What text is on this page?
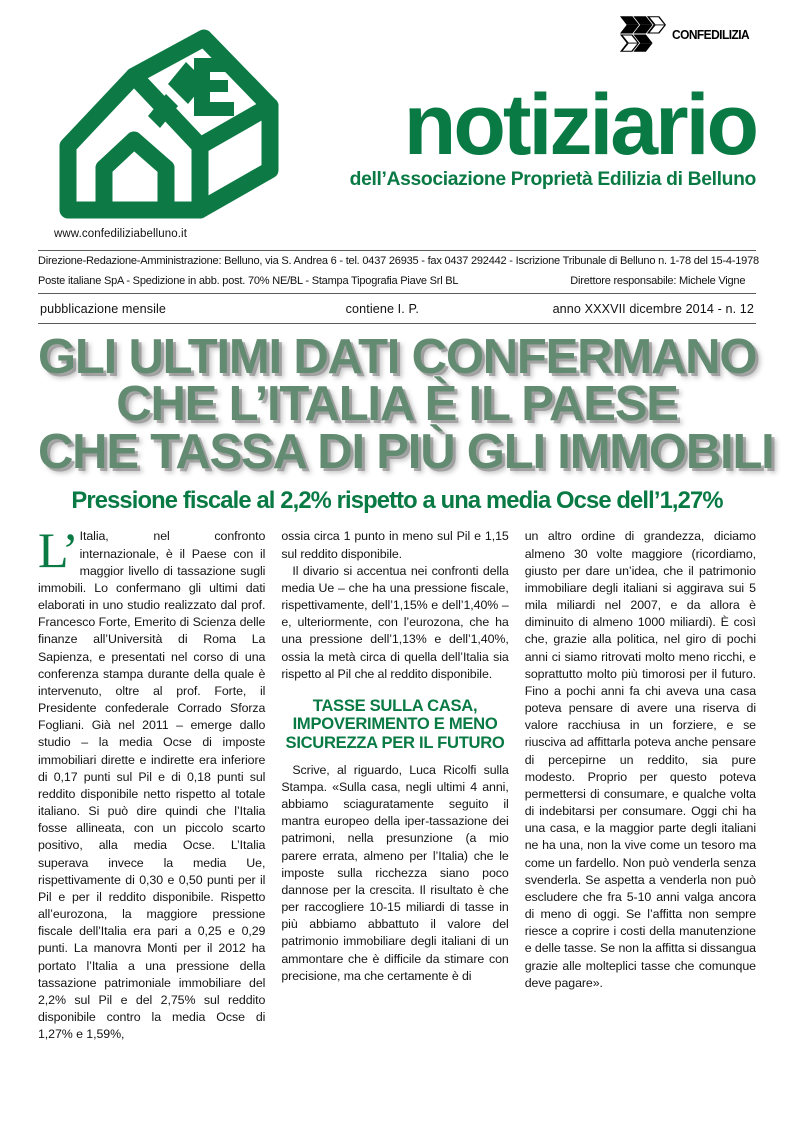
CONFEDILIZIA
www.confediliziabelluno.it
notiziario
dell’Associazione Proprietà Edilizia di Belluno
Direzione-Redazione-Amministrazione: Belluno, via S. Andrea 6 - tel. 0437 26935 - fax 0437 292442 - Iscrizione Tribunale di Belluno n. 1-78 del 15-4-1978
Poste italiane SpA - Spedizione in abb. post. 70% NE/BL - Stampa Tipografia Piave Srl BL	Direttore responsabile: Michele Vigne
pubblicazione mensile	contiene I. P.	anno XXXVII dicembre 2014 - n. 12
GLI ULTIMI DATI CONFERMANO
CHE L’ITALIA È IL PAESE
CHE TASSA DI PIÙ GLI IMMOBILI
Pressione fiscale al 2,2% rispetto a una media Ocse dell’1,27%

L’ Italia, nel confronto internazionale, è il Paese con il maggior livello di tassazione sugli immobili. Lo confermano gli ultimi dati elaborati in uno studio realizzato dal prof. Francesco Forte, Emerito di Scienza delle finanze all’Università di Roma La Sapienza, e presentati nel corso di una conferenza stampa durante della quale è intervenuto, oltre al prof. Forte, il Presidente confederale Corrado Sforza Fogliani. Già nel 2011 – emerge dallo studio – la media Ocse di imposte immobiliari dirette e indirette era inferiore di 0,17 punti sul Pil e di 0,18 punti sul reddito disponibile netto rispetto al totale italiano. Si può dire quindi che l’Italia fosse allineata, con un piccolo scarto positivo, alla media Ocse. L’Italia superava invece la media Ue, rispettivamente di 0,30 e 0,50 punti per il Pil e per il reddito disponibile. Rispetto all’eurozona, la maggiore pressione fiscale dell’Italia era pari a 0,25 e 0,29 punti. La manovra Monti per il 2012 ha portato l’Italia a una pressione della tassazione patrimoniale immobiliare del 2,2% sul Pil e del 2,75% sul reddito disponibile contro la media Ocse di 1,27% e 1,59%,

ossia circa 1 punto in meno sul Pil e 1,15 sul reddito disponibile.

Il divario si accentua nei confronti della media Ue – che ha una pressione fiscale, rispettivamente, dell’1,15% e dell’1,40% – e, ulteriormente, con l’eurozona, che ha una pressione dell’1,13% e dell’1,40%, ossia la metà circa di quella dell’Italia sia rispetto al Pil che al reddito disponibile.

TASSE SULLA CASA,
IMPOVERIMENTO E MENO
SICUREZZA PER IL FUTURO

Scrive, al riguardo, Luca Ricolfi sulla Stampa. «Sulla casa, negli ultimi 4 anni, abbiamo sciaguratamente seguito il mantra europeo della iper-tassazione dei patrimoni, nella presunzione (a mio parere errata, almeno per l’Italia) che le imposte sulla ricchezza siano poco dannose per la crescita. Il risultato è che per raccogliere 10-15 miliardi di tasse in più abbiamo abbattuto il valore del patrimonio immobiliare degli italiani di un ammontare che è difficile da stimare con precisione, ma che certamente è di

un altro ordine di grandezza, diciamo almeno 30 volte maggiore (ricordiamo, giusto per dare un’idea, che il patrimonio immobiliare degli italiani si aggirava sui 5 mila miliardi nel 2007, e da allora è diminuito di almeno 1000 miliardi). È così che, grazie alla politica, nel giro di pochi anni ci siamo ritrovati molto meno ricchi, e soprattutto molto più timorosi per il futuro. Fino a pochi anni fa chi aveva una casa poteva pensare di avere una riserva di valore racchiusa in un forziere, e se riusciva ad affittarla poteva anche pensare di percepirne un reddito, sia pure modesto. Proprio per questo poteva permettersi di consumare, e qualche volta di indebitarsi per consumare. Oggi chi ha una casa, e la maggior parte degli italiani ne ha una, non la vive come un tesoro ma come un fardello. Non può venderla senza svenderla. Se aspetta a venderla non può escludere che fra 5-10 anni valga ancora di meno di oggi. Se l’affitta non sempre riesce a coprire i costi della manutenzione e delle tasse. Se non la affitta si dissangua grazie alle molteplici tasse che comunque deve pagare».
